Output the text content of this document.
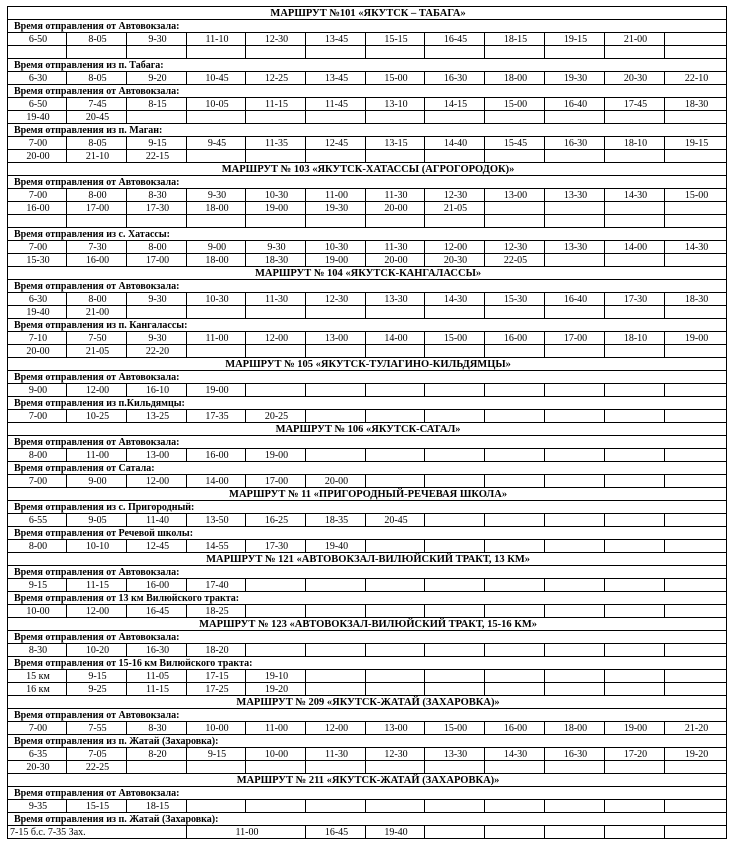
МАРШРУТ №101 «ЯКУТСК – ТАБАГА»												
Время отправления от Автовокзала:												
6-50	8-05	9-30	11-10	12-30	13-45	15-15	16-45	18-15	19-15	21-00		

Время отправления из п. Табага:												
6-30	8-05	9-20	10-45	12-25	13-45	15-00	16-30	18-00	19-30	20-30	22-10	
Время отправления от Автовокзала:												
6-50	7-45	8-15	10-05	11-15	11-45	13-10	14-15	15-00	16-40	17-45	18-30	
19-40	20-45											
Время отправления из п. Маган:												
7-00	8-05	9-15	9-45	11-35	12-45	13-15	14-40	15-45	16-30	18-10	19-15	
20-00	21-10	22-15										
МАРШРУТ № 103 «ЯКУТСК-ХАТАССЫ (АГРОГОРОДОК)»												
Время отправления от Автовокзала:												
7-00	8-00	8-30	9-30	10-30	11-00	11-30	12-30	13-00	13-30	14-30	15-00	
16-00	17-00	17-30	18-00	19-00	19-30	20-00	21-05					

Время отправления из с. Хатассы:												
7-00	7-30	8-00	9-00	9-30	10-30	11-30	12-00	12-30	13-30	14-00	14-30	
15-30	16-00	17-00	18-00	18-30	19-00	20-00	20-30	22-05				
МАРШРУТ № 104 «ЯКУТСК-КАНГАЛАССЫ»												
Время отправления от Автовокзала:												
6-30	8-00	9-30	10-30	11-30	12-30	13-30	14-30	15-30	16-40	17-30	18-30	
19-40	21-00											
Время отправления из п. Кангалассы:												
7-10	7-50	9-30	11-00	12-00	13-00	14-00	15-00	16-00	17-00	18-10	19-00	
20-00	21-05	22-20										
МАРШРУТ № 105 «ЯКУТСК-ТУЛАГИНО-КИЛЬДЯМЦЫ»												
Время отправления от Автовокзала:												
9-00	12-00	16-10	19-00									
Время отправления из п.Кильдямцы:												
7-00	10-25	13-25	17-35	20-25								
МАРШРУТ № 106 «ЯКУТСК-САТАЛ»												
Время отправления от Автовокзала:												
8-00	11-00	13-00	16-00	19-00								
Время отправления от Сатала:												
7-00	9-00	12-00	14-00	17-00	20-00							
МАРШРУТ № 11 «ПРИГОРОДНЫЙ-РЕЧЕВАЯ ШКОЛА»												
Время отправления из с. Пригородный:												
6-55	9-05	11-40	13-50	16-25	18-35	20-45						
Время отправления от Речевой школы:												
8-00	10-10	12-45	14-55	17-30	19-40							
МАРШРУТ № 121 «АВТОВОКЗАЛ-ВИЛЮЙСКИЙ ТРАКТ, 13 КМ»												
Время отправления от Автовокзала:												
9-15	11-15	16-00	17-40									
Время отправления от 13 км Вилюйского тракта:												
10-00	12-00	16-45	18-25									
МАРШРУТ № 123 «АВТОВОКЗАЛ-ВИЛЮЙСКИЙ ТРАКТ, 15-16 КМ»												
Время отправления от Автовокзала:												
8-30	10-20	16-30	18-20									
Время отправления от 15-16 км Вилюйского тракта:												
15 км	9-15	11-05	17-15	19-10								
16 км	9-25	11-15	17-25	19-20								
МАРШРУТ № 209 «ЯКУТСК-ЖАТАЙ (ЗАХАРОВКА)»												
Время отправления от Автовокзала:												
7-00	7-55	8-30	10-00	11-00	12-00	13-00	15-00	16-00	18-00	19-00	21-20	
Время отправления из п. Жатай (Захаровка):												
6-35	7-05	8-20	9-15	10-00	11-30	12-30	13-30	14-30	16-30	17-20	19-20	
20-30	22-25											
МАРШРУТ № 211 «ЯКУТСК-ЖАТАЙ (ЗАХАРОВКА)»												
Время отправления от Автовокзала:												
9-35	15-15	18-15										
Время отправления из п. Жатай (Захаровка):												
7-15 б.с. 7-35 Зах.			11-00		16-45	19-40						
